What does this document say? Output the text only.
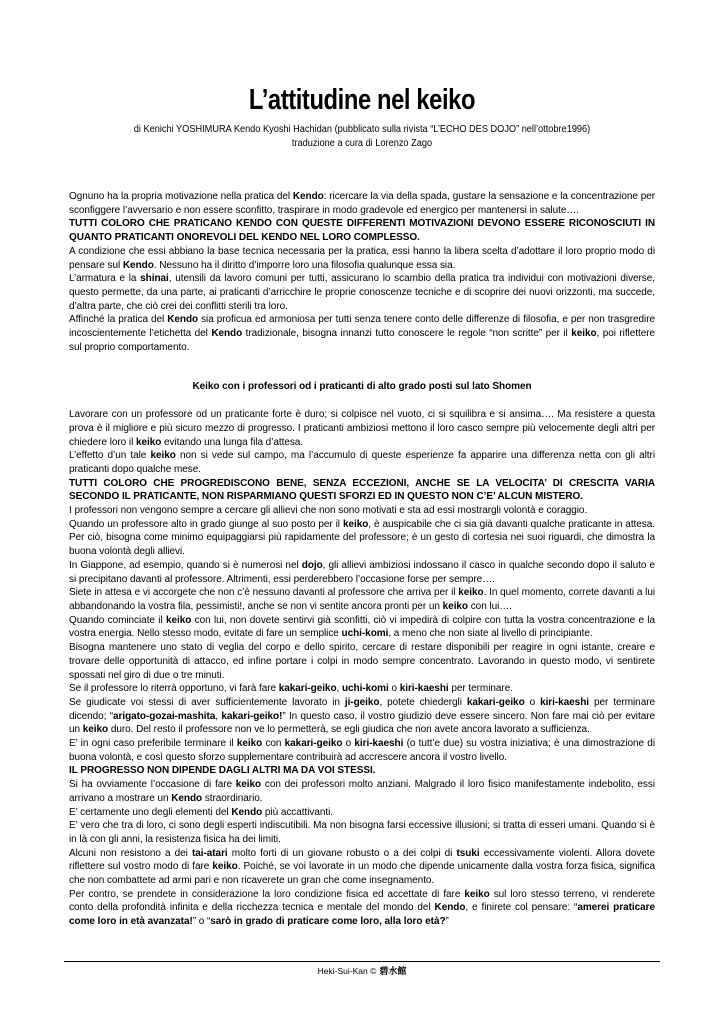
L’attitudine nel keiko
di Kenichi YOSHIMURA Kendo Kyoshi Hachidan (pubblicato sulla rivista “L’ECHO DES DOJO” nell’ottobre1996)
traduzione a cura di Lorenzo Zago

Ognuno ha la propria motivazione nella pratica del Kendo: ricercare la via della spada, gustare la sensazione e la concentrazione per sconfiggere l’avversario e non essere sconfitto, traspirare in modo gradevole ed energico per mantenersi in salute….

TUTTI COLORO CHE PRATICANO KENDO CON QUESTE DIFFERENTI MOTIVAZIONI DEVONO ESSERE RICONOSCIUTI IN QUANTO PRATICANTI ONOREVOLI DEL KENDO NEL LORO COMPLESSO.

A condizione che essi abbiano la base tecnica necessaria per la pratica, essi hanno la libera scelta d’adottare il loro proprio modo di pensare sul Kendo. Nessuno ha il diritto d’imporre loro una filosofia qualunque essa sia.

L’armatura e la shinai, utensili da lavoro comuni per tutti, assicurano lo scambio della pratica tra individui con motivazioni diverse, questo permette, da una parte, ai praticanti d’arricchire le proprie conoscenze tecniche e di scoprire dei nuovi orizzonti, ma succede, d’altra parte, che ciò crei dei conflitti sterili tra loro.

Affinché la pratica del Kendo sia proficua ed armoniosa per tutti senza tenere conto delle differenze di filosofia, e per non trasgredire incoscientemente l’etichetta del Kendo tradizionale, bisogna innanzi tutto conoscere le regole “non scritte” per il keiko, poi riflettere sul proprio comportamento.

Keiko con i professori od i praticanti di alto grado posti sul lato Shomen

Lavorare con un professore od un praticante forte è duro; si colpisce nel vuoto, ci si squilibra e si ansima…. Ma resistere a questa prova è il migliore e più sicuro mezzo di progresso. I praticanti ambiziosi mettono il loro casco sempre più velocemente degli altri per chiedere loro il keiko evitando una lunga fila d’attesa.

L’effetto d’un tale keiko non si vede sul campo, ma l’accumulo di queste esperienze fa apparire una differenza netta con gli altri praticanti dopo qualche mese.

TUTTI COLORO CHE PROGREDISCONO BENE, SENZA ECCEZIONI, ANCHE SE LA VELOCITA’ DI CRESCITA VARIA SECONDO IL PRATICANTE, NON RISPARMIANO QUESTI SFORZI ED IN QUESTO NON C’E’ ALCUN MISTERO.

I professori non vengono sempre a cercare gli allievi che non sono motivati e sta ad essi mostrargli volontà e coraggio.

Quando un professore alto in grado giunge al suo posto per il keiko, è auspicabile che ci sia già davanti qualche praticante in attesa. Per ciò, bisogna come minimo equipaggiarsi più rapidamente del professore; è un gesto di cortesia nei suoi riguardi, che dimostra la buona volontà degli allievi.

In Giappone, ad esempio, quando si è numerosi nel dojo, gli allievi ambiziosi indossano il casco in qualche secondo dopo il saluto e si precipitano davanti al professore. Altrimenti, essi perderebbero l’occasione forse per sempre….

Siete in attesa e vi accorgete che non c’è nessuno davanti al professore che arriva per il keiko. In quel momento, correte davanti a lui abbandonando la vostra fila, pessimisti!, anche se non vi sentite ancora pronti per un keiko con lui….

Quando cominciate il keiko con lui, non dovete sentirvi già sconfitti, ciò vi impedirà di colpire con tutta la vostra concentrazione e la vostra energia. Nello stesso modo, evitate di fare un semplice uchi-komi, a meno che non siate al livello di principiante.

Bisogna mantenere uno stato di veglia del corpo e dello spirito, cercare di restare disponibili per reagire in ogni istante, creare e trovare delle opportunità di attacco, ed infine portare i colpi in modo sempre concentrato. Lavorando in questo modo, vi sentirete spossati nel giro di due o tre minuti.

Se il professore lo riterrà opportuno, vi farà fare kakari-geiko, uchi-komi o kiri-kaeshi per terminare.

Se giudicate voi stessi di aver sufficientemente lavorato in ji-geiko, potete chiedergli kakari-geiko o kiri-kaeshi per terminare dicendo; “arigato-gozai-mashita, kakari-geiko!” In questo caso, il vostro giudizio deve essere sincero. Non fare mai ciò per evitare un keiko duro. Del resto il professore non ve lo permetterà, se egli giudica che non avete ancora lavorato a sufficienza.

E’ in ogni caso preferibile terminare il keiko con kakari-geiko o kiri-kaeshi (o tutt’e due) su vostra iniziativa; è una dimostrazione di buona volontà, e così questo sforzo supplementare contribuirà ad accrescere ancora il vostro livello.

IL PROGRESSO NON DIPENDE DAGLI ALTRI MA DA VOI STESSI.

Si ha ovviamente l’occasione di fare keiko con dei professori molto anziani. Malgrado il loro fisico manifestamente indebolito, essi arrivano a mostrare un Kendo straordinario.

E’ certamente uno degli elementi del Kendo più accattivanti.

E’ vero che tra di loro, ci sono degli esperti indiscutibili. Ma non bisogna farsi eccessive illusioni; si tratta di esseri umani. Quando si è in là con gli anni, la resistenza fisica ha dei limiti.

Alcuni non resistono a dei tai-atari molto forti di un giovane robusto o a dei colpi di tsuki eccessivamente violenti. Allora dovete riflettere sul vostro modo di fare keiko. Poiché, se voi lavorate in un modo che dipende unicamente dalla vostra forza fisica, significa che non combattete ad armi pari e non ricaverete un gran che come insegnamento.

Per contro, se prendete in considerazione la loro condizione fisica ed accettate di fare keiko sul loro stesso terreno, vi renderete conto della profondità infinita e della ricchezza tecnica e mentale del mondo del Kendo, e finirete col pensare: “amerei praticare come loro in età avanzata!” o “sarò in grado di praticare come loro, alla loro età?”

Heki-Sui-Kan © 碧水館
